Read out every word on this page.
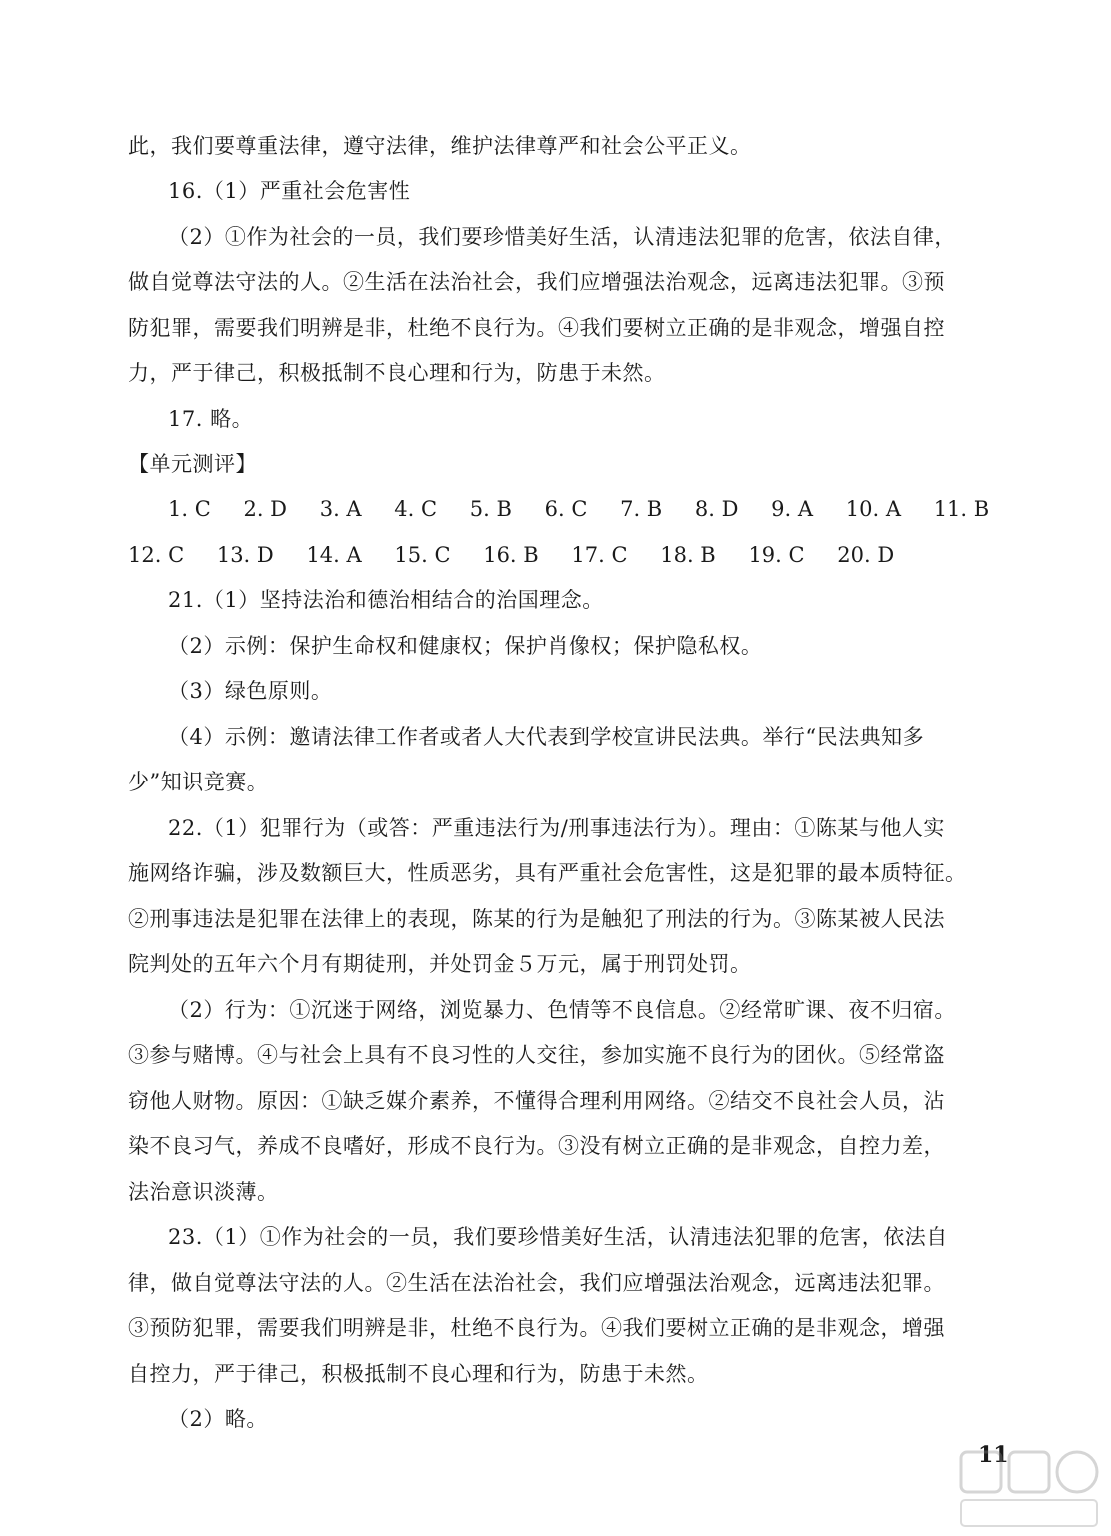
此，我们要尊重法律，遵守法律，维护法律尊严和社会公平正义。
16.（1）严重社会危害性
（2）①作为社会的一员，我们要珍惜美好生活，认清违法犯罪的危害，依法自律，
做自觉尊法守法的人。②生活在法治社会，我们应增强法治观念，远离违法犯罪。③预
防犯罪，需要我们明辨是非，杜绝不良行为。④我们要树立正确的是非观念，增强自控
力，严于律己，积极抵制不良心理和行为，防患于未然。
17. 略。
【单元测评】
1. C 2. D 3. A 4. C 5. B 6. C 7. B 8. D 9. A 10. A 11. B
12. C 13. D 14. A 15. C 16. B 17. C 18. B 19. C 20. D
21.（1）坚持法治和德治相结合的治国理念。
（2）示例：保护生命权和健康权；保护肖像权；保护隐私权。
（3）绿色原则。
（4）示例：邀请法律工作者或者人大代表到学校宣讲民法典。举行“民法典知多
少”知识竞赛。
22.（1）犯罪行为（或答：严重违法行为/刑事违法行为）。理由：①陈某与他人实
施网络诈骗，涉及数额巨大，性质恶劣，具有严重社会危害性，这是犯罪的最本质特征。
②刑事违法是犯罪在法律上的表现，陈某的行为是触犯了刑法的行为。③陈某被人民法
院判处的五年六个月有期徒刑，并处罚金５万元，属于刑罚处罚。
（2）行为：①沉迷于网络，浏览暴力、色情等不良信息。②经常旷课、夜不归宿。
③参与赌博。④与社会上具有不良习性的人交往，参加实施不良行为的团伙。⑤经常盗
窃他人财物。原因：①缺乏媒介素养，不懂得合理利用网络。②结交不良社会人员，沾
染不良习气，养成不良嗜好，形成不良行为。③没有树立正确的是非观念，自控力差，
法治意识淡薄。
23.（1）①作为社会的一员，我们要珍惜美好生活，认清违法犯罪的危害，依法自
律，做自觉尊法守法的人。②生活在法治社会，我们应增强法治观念，远离违法犯罪。
③预防犯罪，需要我们明辨是非，杜绝不良行为。④我们要树立正确的是非观念，增强
自控力，严于律己，积极抵制不良心理和行为，防患于未然。
（2）略。
11
